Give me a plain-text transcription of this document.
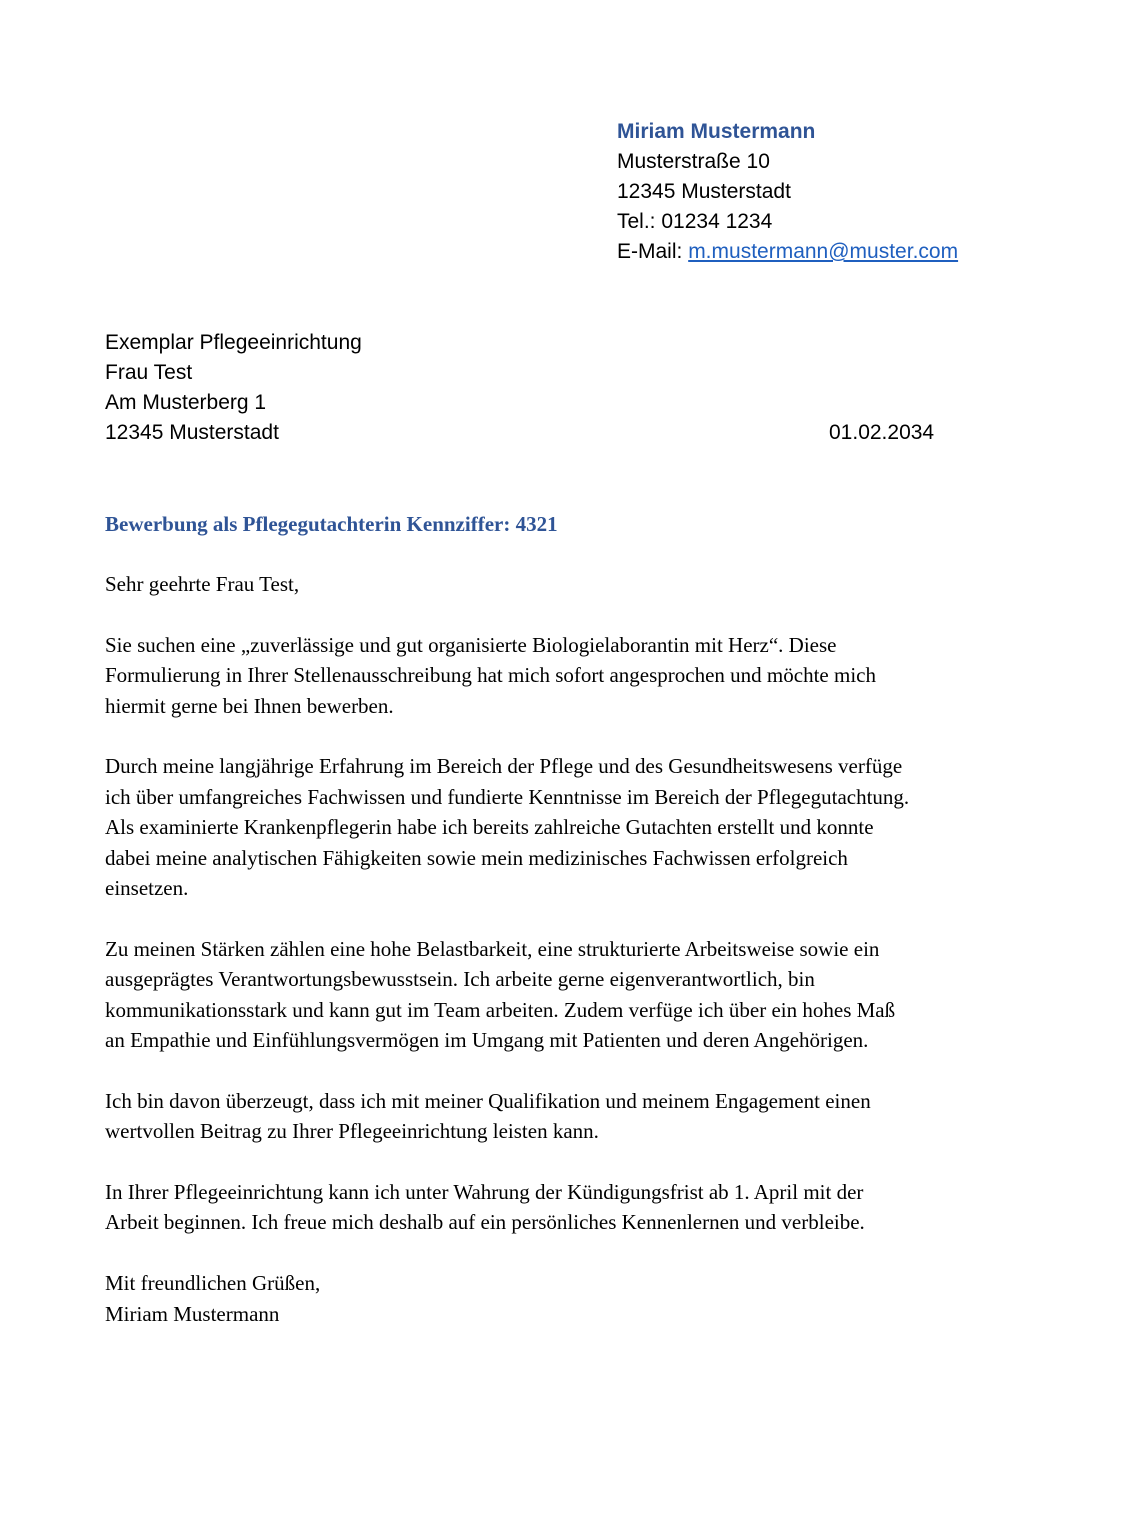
Miriam Mustermann
Musterstraße 10
12345 Musterstadt
Tel.: 01234 1234
E-Mail: m.mustermann@muster.com
Exemplar Pflegeeinrichtung
Frau Test
Am Musterberg 1
12345 Musterstadt	01.02.2034
Bewerbung als Pflegegutachterin Kennziffer: 4321

Sehr geehrte Frau Test,

Sie suchen eine „zuverlässige und gut organisierte Biologielaborantin mit Herz“. Diese
Formulierung in Ihrer Stellenausschreibung hat mich sofort angesprochen und möchte mich
hiermit gerne bei Ihnen bewerben.

Durch meine langjährige Erfahrung im Bereich der Pflege und des Gesundheitswesens verfüge
ich über umfangreiches Fachwissen und fundierte Kenntnisse im Bereich der Pflegegutachtung.
Als examinierte Krankenpflegerin habe ich bereits zahlreiche Gutachten erstellt und konnte
dabei meine analytischen Fähigkeiten sowie mein medizinisches Fachwissen erfolgreich
einsetzen.

Zu meinen Stärken zählen eine hohe Belastbarkeit, eine strukturierte Arbeitsweise sowie ein
ausgeprägtes Verantwortungsbewusstsein. Ich arbeite gerne eigenverantwortlich, bin
kommunikationsstark und kann gut im Team arbeiten. Zudem verfüge ich über ein hohes Maß
an Empathie und Einfühlungsvermögen im Umgang mit Patienten und deren Angehörigen.

Ich bin davon überzeugt, dass ich mit meiner Qualifikation und meinem Engagement einen
wertvollen Beitrag zu Ihrer Pflegeeinrichtung leisten kann.

In Ihrer Pflegeeinrichtung kann ich unter Wahrung der Kündigungsfrist ab 1. April mit der
Arbeit beginnen. Ich freue mich deshalb auf ein persönliches Kennenlernen und verbleibe.

Mit freundlichen Grüßen,
Miriam Mustermann
